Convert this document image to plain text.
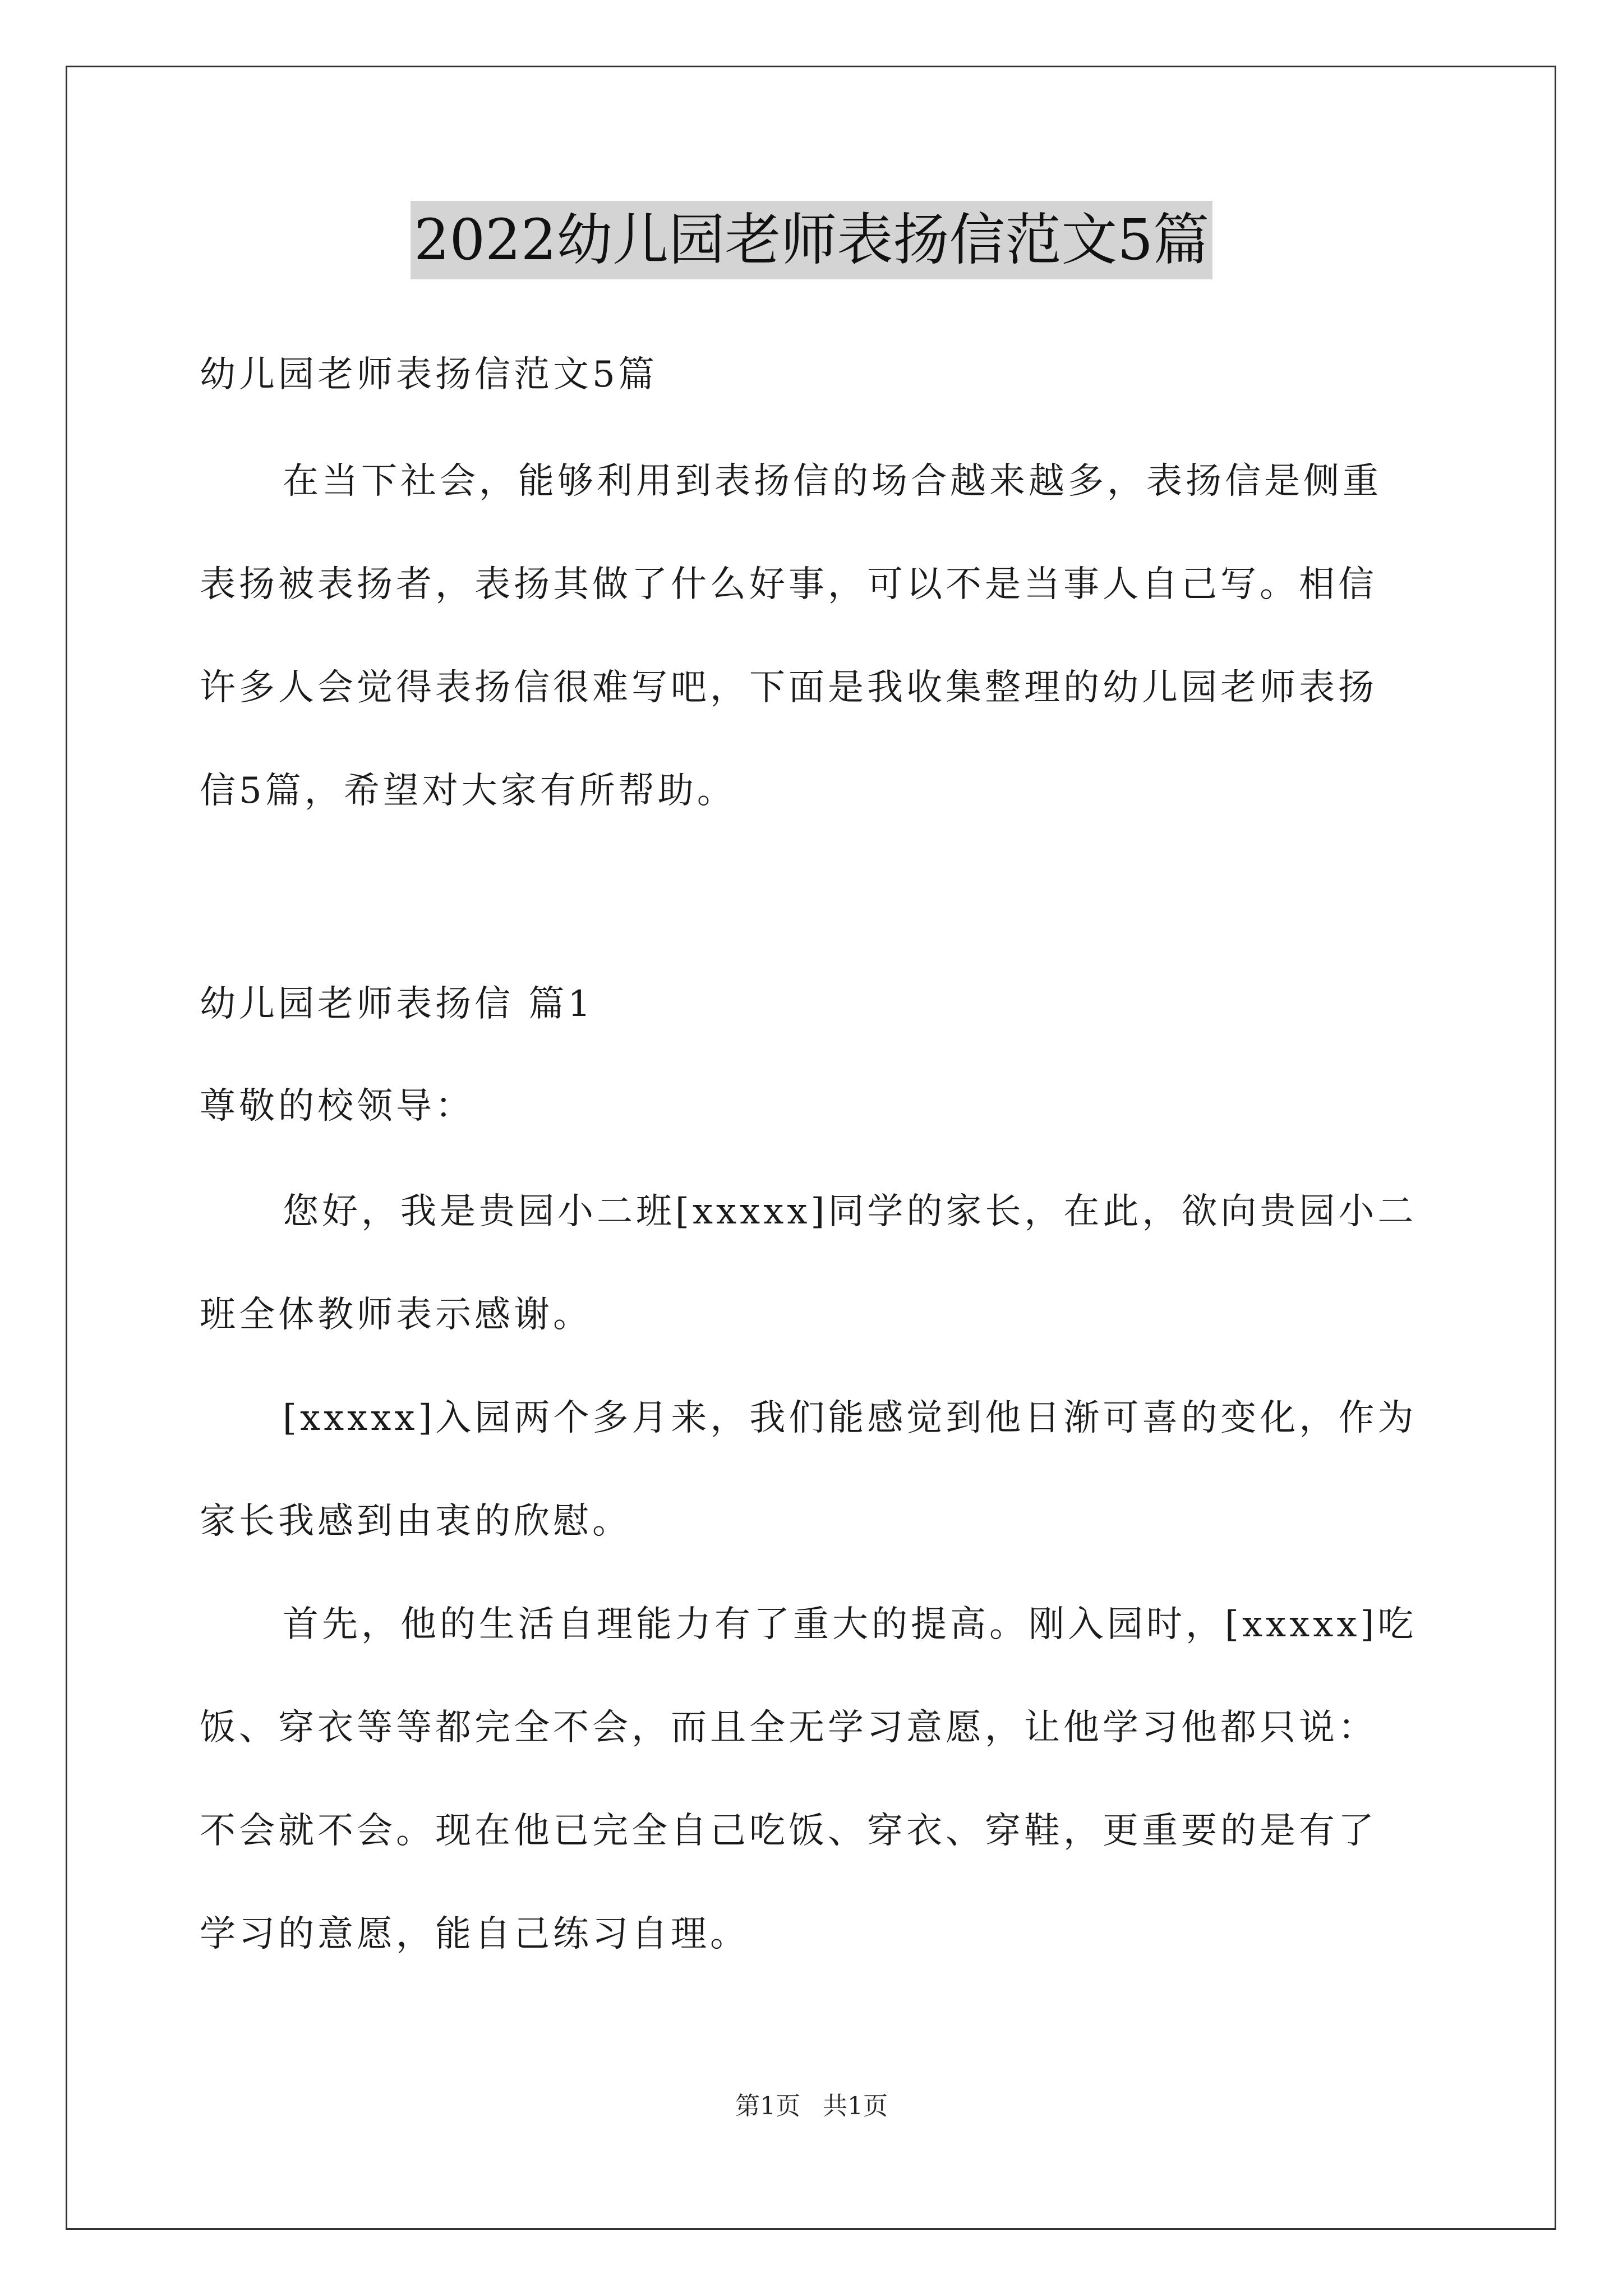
2022幼儿园老师表扬信范文5篇

幼儿园老师表扬信范文5篇

在当下社会，能够利用到表扬信的场合越来越多，表扬信是侧重

表扬被表扬者，表扬其做了什么好事，可以不是当事人自己写。相信

许多人会觉得表扬信很难写吧，下面是我收集整理的幼儿园老师表扬

信5篇，希望对大家有所帮助。

幼儿园老师表扬信 篇1

尊敬的校领导：

您好，我是贵园小二班[xxxxx]同学的家长，在此，欲向贵园小二

班全体教师表示感谢。

[xxxxx]入园两个多月来，我们能感觉到他日渐可喜的变化，作为

家长我感到由衷的欣慰。

首先，他的生活自理能力有了重大的提高。刚入园时，[xxxxx]吃

饭、穿衣等等都完全不会，而且全无学习意愿，让他学习他都只说：

不会就不会。现在他已完全自己吃饭、穿衣、穿鞋，更重要的是有了

学习的意愿，能自己练习自理。

第1页 共1页
